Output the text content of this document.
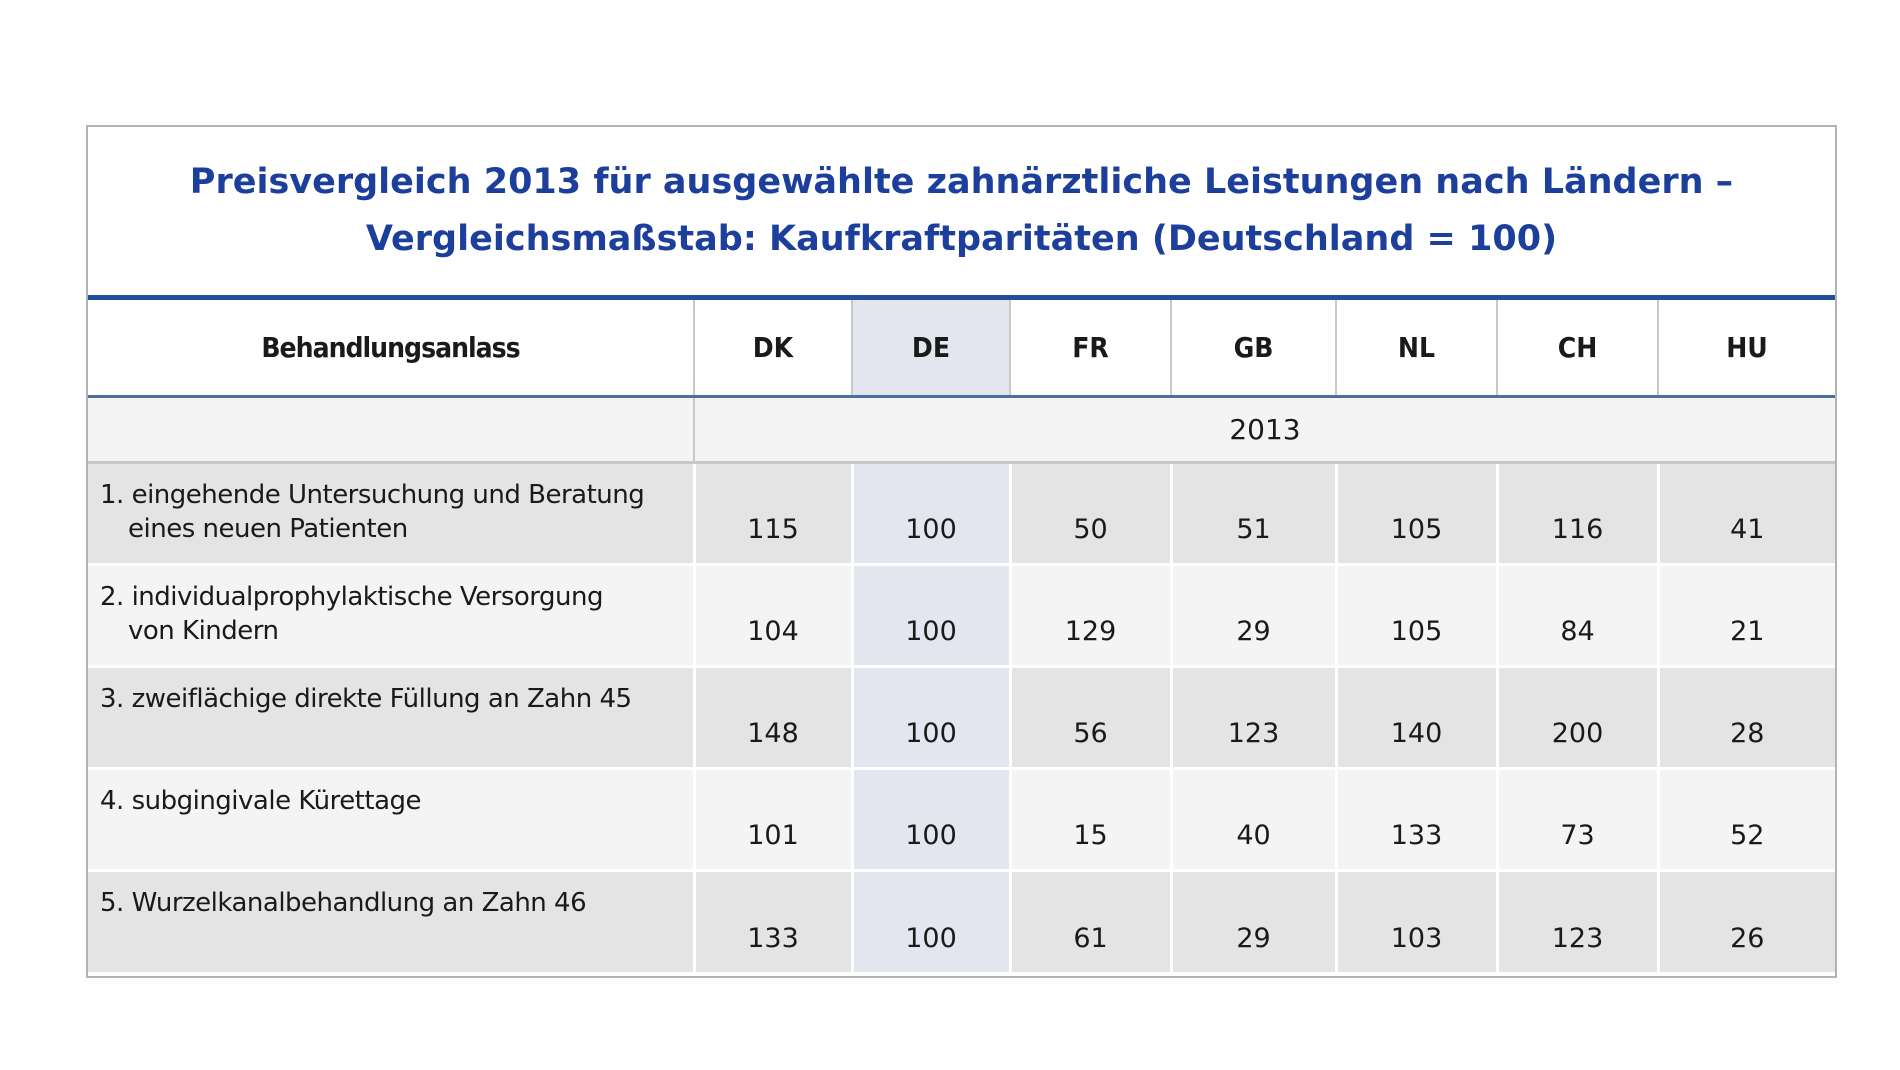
Preisvergleich 2013 für ausgewählte zahnärztliche Leistungen nach Ländern –
Vergleichsmaßstab: Kaufkraftparitäten (Deutschland = 100)
Behandlungsanlass	DK	DE	FR	GB	NL	CH	HU
	2013						

1. eingehende Untersuchung und Beratung
eines neuen Patienten	115	100	50	51	105	116	41

2. individualprophylaktische Versorgung
von Kindern	104	100	129	29	105	84	21

3. zweiflächige direkte Füllung an Zahn 45	148	100	56	123	140	200	28

4. subgingivale Kürettage	101	100	15	40	133	73	52

5. Wurzelkanalbehandlung an Zahn 46	133	100	61	29	103	123	26
